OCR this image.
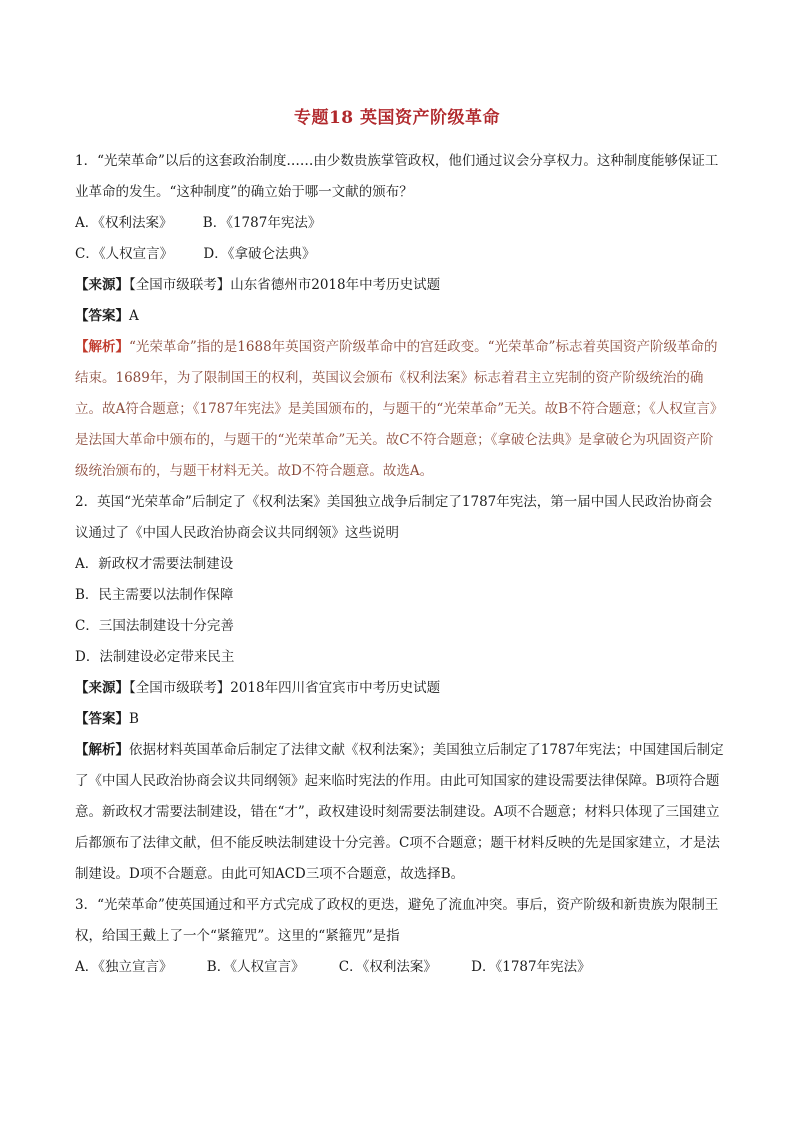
专题18 英国资产阶级革命
1．“光荣革命”以后的这套政治制度……由少数贵族掌管政权，他们通过议会分享权力。这种制度能够保证工业革命的发生。“这种制度”的确立始于哪一文献的颁布？
A．《权利法案》 B．《1787年宪法》
C．《人权宣言》 D．《拿破仑法典》
【来源】【全国市级联考】山东省德州市2018年中考历史试题
【答案】A
【解析】“光荣革命”指的是1688年英国资产阶级革命中的宫廷政变。“光荣革命”标志着英国资产阶级革命的结束。1689年，为了限制国王的权利，英国议会颁布《权利法案》标志着君主立宪制的资产阶级统治的确立。故A符合题意；《1787年宪法》是美国颁布的，与题干的“光荣革命”无关。故B不符合题意；《人权宣言》是法国大革命中颁布的，与题干的“光荣革命”无关。故C不符合题意；《拿破仑法典》是拿破仑为巩固资产阶级统治颁布的，与题干材料无关。故D不符合题意。故选A。
2．英国“光荣革命”后制定了《权利法案》美国独立战争后制定了1787年宪法，第一届中国人民政治协商会议通过了《中国人民政治协商会议共同纲领》这些说明
A．新政权才需要法制建设
B．民主需要以法制作保障
C．三国法制建设十分完善
D．法制建设必定带来民主
【来源】【全国市级联考】2018年四川省宜宾市中考历史试题
【答案】B
【解析】依据材料英国革命后制定了法律文献《权利法案》；美国独立后制定了1787年宪法；中国建国后制定了《中国人民政治协商会议共同纲领》起来临时宪法的作用。由此可知国家的建设需要法律保障。B项符合题意。新政权才需要法制建设，错在“才”，政权建设时刻需要法制建设。A项不合题意；材料只体现了三国建立后都颁布了法律文献，但不能反映法制建设十分完善。C项不合题意；题干材料反映的先是国家建立，才是法制建设。D项不合题意。由此可知ACD三项不合题意，故选择B。
3．“光荣革命”使英国通过和平方式完成了政权的更迭，避免了流血冲突。事后，资产阶级和新贵族为限制王权，给国王戴上了一个“紧箍咒”。这里的“紧箍咒”是指
A．《独立宣言》	B．《人权宣言》	C．《权利法案》	D．《1787年宪法》
